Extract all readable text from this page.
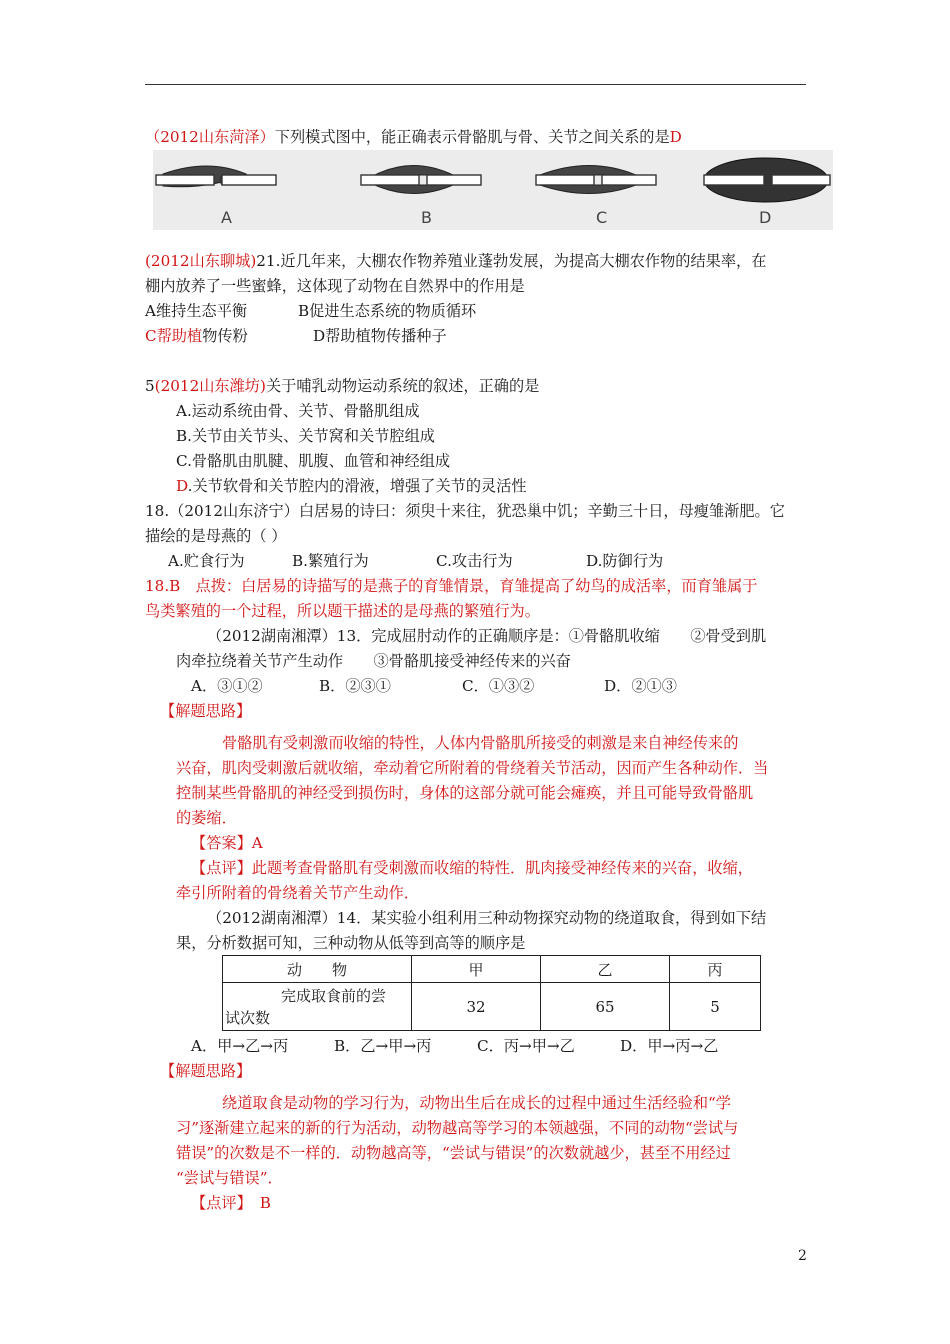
（2012山东菏泽）下列模式图中，能正确表示骨骼肌与骨、关节之间关系的是D
A	B	C	D
(2012山东聊城)21.近几年来，大棚农作物养殖业蓬勃发展，为提高大棚农作物的结果率，在
棚内放养了一些蜜蜂，这体现了动物在自然界中的作用是
A维持生态平衡	B促进生态系统的物质循环
C帮助植物传粉	D帮助植物传播种子
5(2012山东潍坊)关于哺乳动物运动系统的叙述，正确的是
A.运动系统由骨、关节、骨骼肌组成
B.关节由关节头、关节窝和关节腔组成
C.骨骼肌由肌腱、肌腹、血管和神经组成
D.关节软骨和关节腔内的滑液，增强了关节的灵活性
18.（2012山东济宁）白居易的诗曰：须臾十来往，犹恐巢中饥；辛勤三十日，母瘦雏渐肥。它
描绘的是母燕的（ ）
A.贮食行为	B.繁殖行为	C.攻击行为	D.防御行为
18.B　点拨：白居易的诗描写的是燕子的育雏情景，育雏提高了幼鸟的成活率，而育雏属于
鸟类繁殖的一个过程，所以题干描述的是母燕的繁殖行为。
（2012湖南湘潭）13．完成屈肘动作的正确顺序是：①骨骼肌收缩　　②骨受到肌
肉牵拉绕着关节产生动作　　③骨骼肌接受神经传来的兴奋
A．③①②	B．②③①	C．①③②	D．②①③
【解题思路】
骨骼肌有受刺激而收缩的特性，人体内骨骼肌所接受的刺激是来自神经传来的
兴奋，肌肉受刺激后就收缩，牵动着它所附着的骨绕着关节活动，因而产生各种动作．当
控制某些骨骼肌的神经受到损伤时，身体的这部分就可能会瘫痪，并且可能导致骨骼肌
的萎缩．
【答案】A
【点评】此题考查骨骼肌有受刺激而收缩的特性．肌肉接受神经传来的兴奋，收缩，
牵引所附着的骨绕着关节产生动作．
（2012湖南湘潭）14．某实验小组利用三种动物探究动物的绕道取食，得到如下结
果，分析数据可知，三种动物从低等到高等的顺序是
动　　物	甲	乙	丙

完成取食前的尝
试次数	32	65	5
A．甲→乙→丙	B．乙→甲→丙	C．丙→甲→乙	D．甲→丙→乙
【解题思路】
绕道取食是动物的学习行为，动物出生后在成长的过程中通过生活经验和“学
习”逐渐建立起来的新的行为活动，动物越高等学习的本领越强，不同的动物“尝试与
错误”的次数是不一样的．动物越高等，“尝试与错误”的次数就越少，甚至不用经过
“尝试与错误”．
【点评】 B
2
